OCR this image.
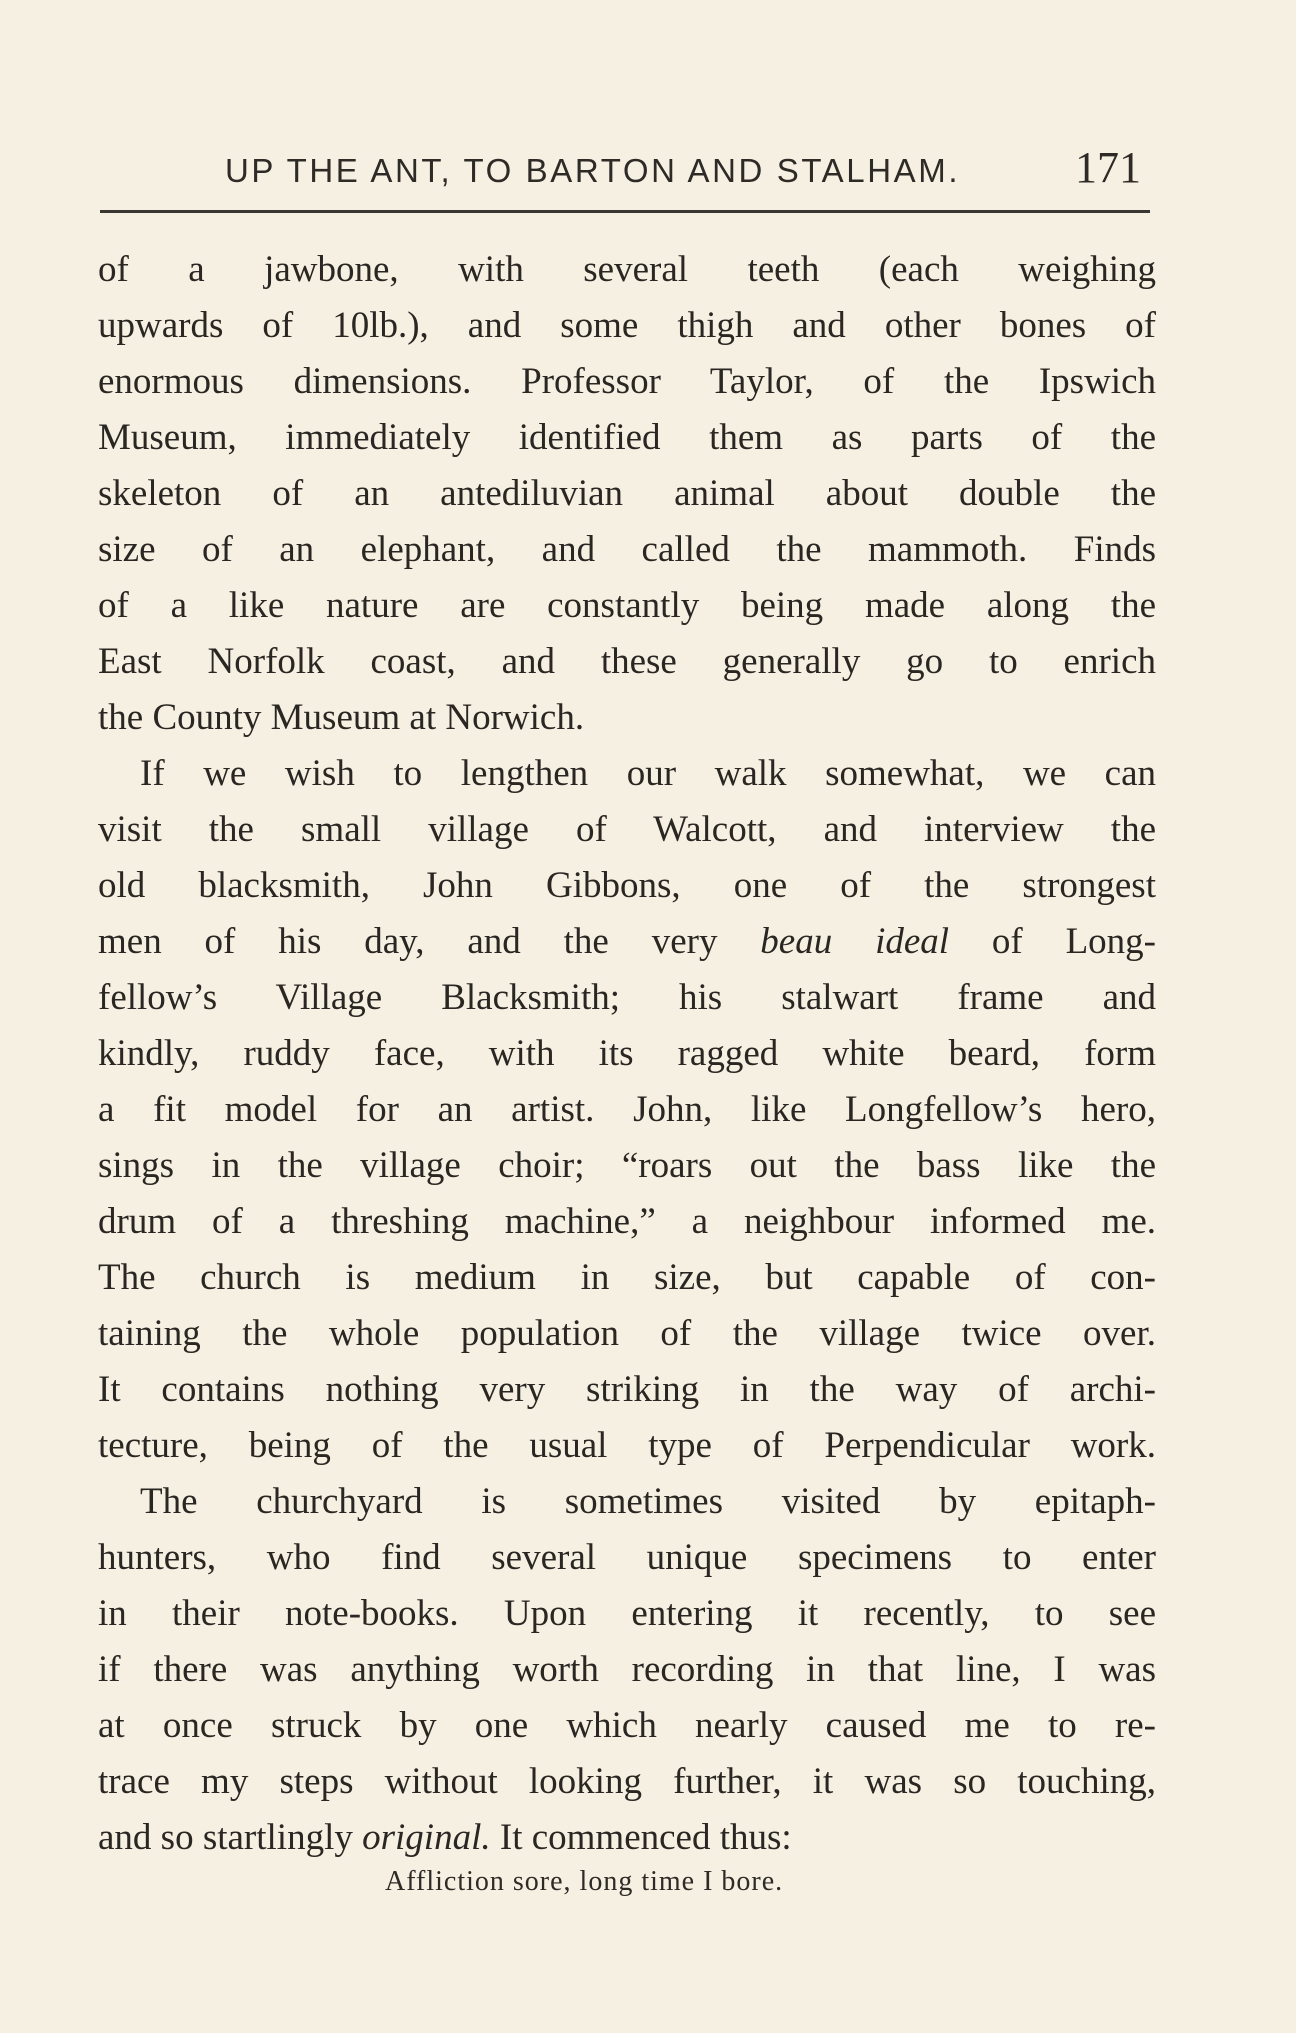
UP THE ANT, TO BARTON AND STALHAM.	171
of a jawbone, with several teeth (each weighing
upwards of 10lb.), and some thigh and other bones of
enormous dimensions. Professor Taylor, of the Ipswich
Museum, immediately identified them as parts of the
skeleton of an antediluvian animal about double the
size of an elephant, and called the mammoth. Finds
of a like nature are constantly being made along the
East Norfolk coast, and these generally go to enrich
the County Museum at Norwich.
If we wish to lengthen our walk somewhat, we can
visit the small village of Walcott, and interview the
old blacksmith, John Gibbons, one of the strongest
men of his day, and the very beau ideal of Long-
fellow’s Village Blacksmith; his stalwart frame and
kindly, ruddy face, with its ragged white beard, form
a fit model for an artist. John, like Longfellow’s hero,
sings in the village choir; “roars out the bass like the
drum of a threshing machine,” a neighbour informed me.
The church is medium in size, but capable of con-
taining the whole population of the village twice over.
It contains nothing very striking in the way of archi-
tecture, being of the usual type of Perpendicular work.
The churchyard is sometimes visited by epitaph-
hunters, who find several unique specimens to enter
in their note-books. Upon entering it recently, to see
if there was anything worth recording in that line, I was
at once struck by one which nearly caused me to re-
trace my steps without looking further, it was so touching,
and so startlingly original. It commenced thus:
Affliction sore, long time I bore.
